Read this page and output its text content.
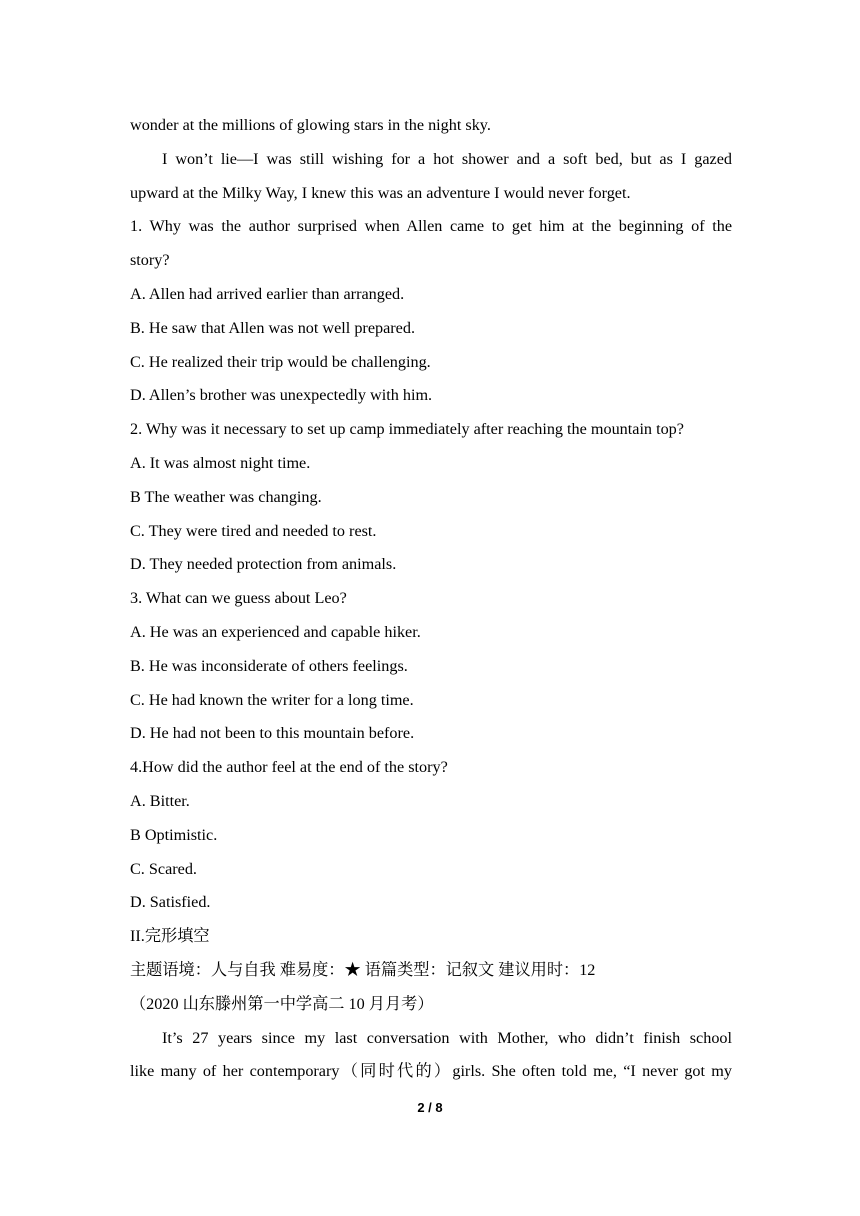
wonder at the millions of glowing stars in the night sky.
I won’t lie—I was still wishing for a hot shower and a soft bed, but as I gazed
upward at the Milky Way, I knew this was an adventure I would never forget.
1. Why was the author surprised when Allen came to get him at the beginning of the
story?
A. Allen had arrived earlier than arranged.
B. He saw that Allen was not well prepared.
C. He realized their trip would be challenging.
D. Allen’s brother was unexpectedly with him.
2. Why was it necessary to set up camp immediately after reaching the mountain top?
A. It was almost night time.
B The weather was changing.
C. They were tired and needed to rest.
D. They needed protection from animals.
3. What can we guess about Leo?
A. He was an experienced and capable hiker.
B. He was inconsiderate of others feelings.
C. He had known the writer for a long time.
D. He had not been to this mountain before.
4.How did the author feel at the end of the story?
A. Bitter.
B Optimistic.
C. Scared.
D. Satisfied.
II.完形填空
主题语境：人与自我 难易度：★ 语篇类型：记叙文 建议用时：12
（2020 山东滕州第一中学高二 10 月月考）
It’s 27 years since my last conversation with Mother, who didn’t finish school
like many of her contemporary（同时代的）girls. She often told me, “I never got my
2 / 8
